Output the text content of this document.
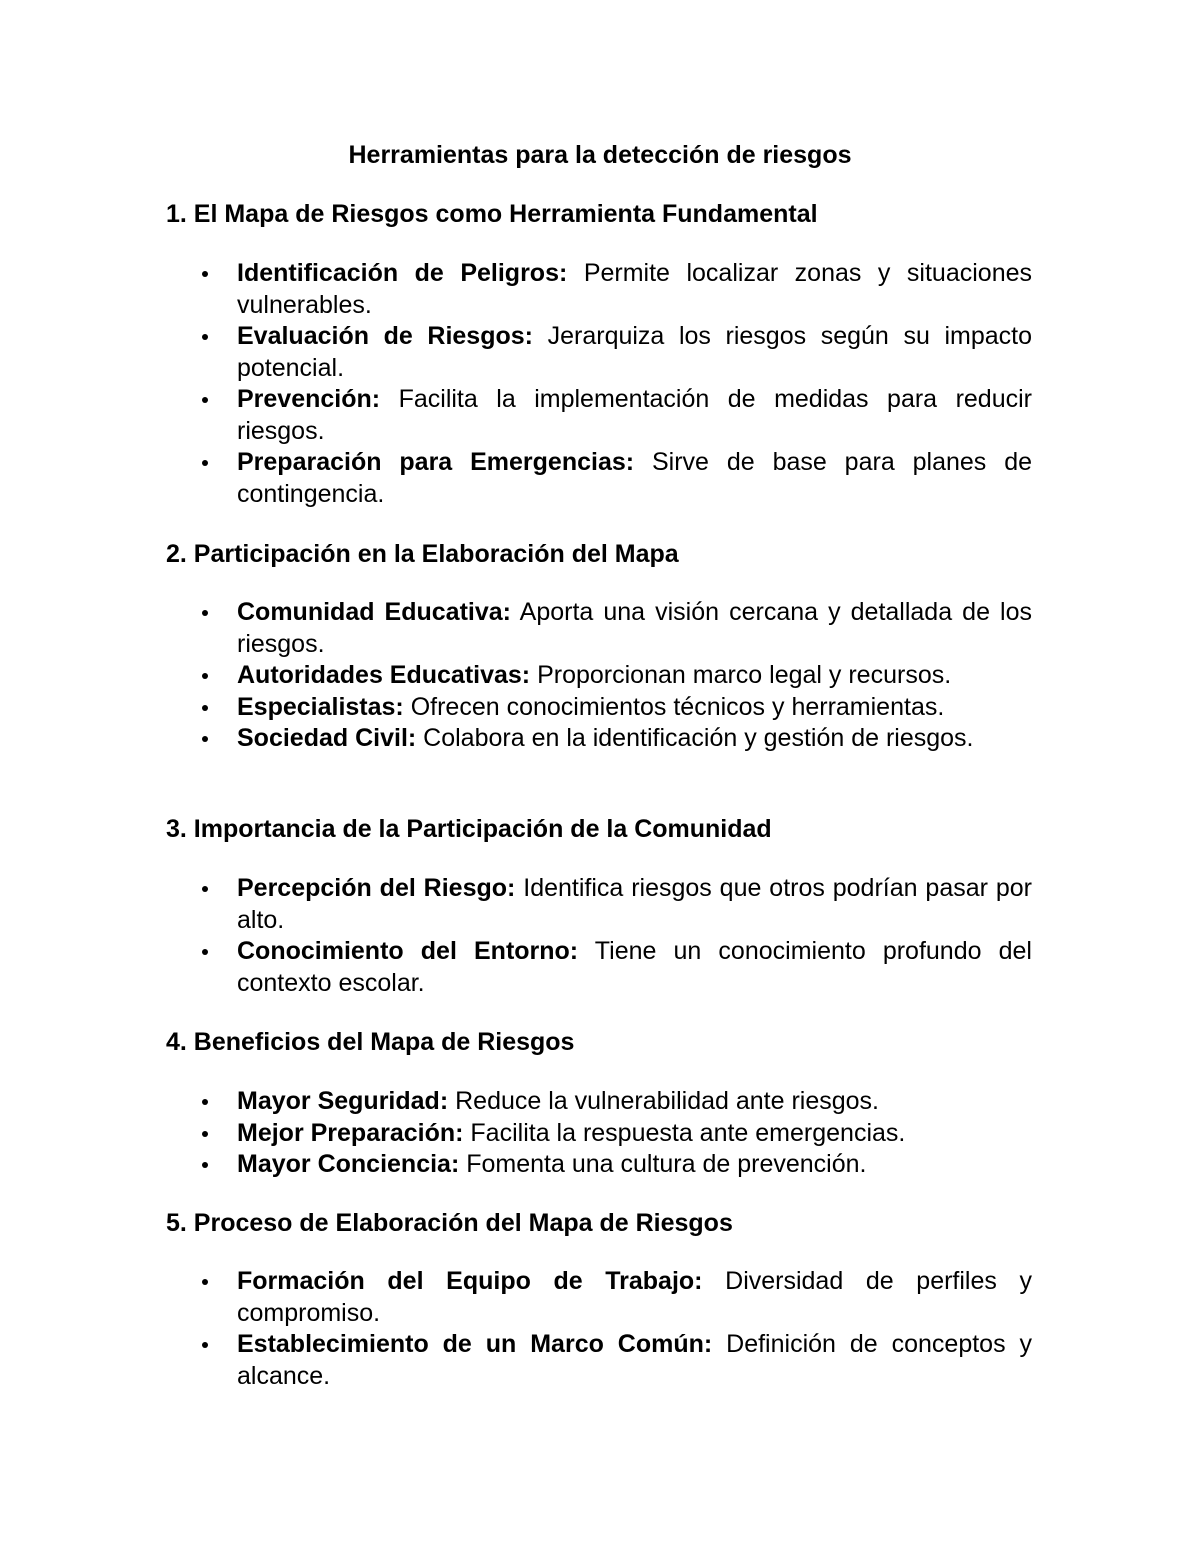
Herramientas para la detección de riesgos
1. El Mapa de Riesgos como Herramienta Fundamental
Identificación de Peligros: Permite localizar zonas y situaciones vulnerables.
Evaluación de Riesgos: Jerarquiza los riesgos según su impacto potencial.
Prevención: Facilita la implementación de medidas para reducir riesgos.
Preparación para Emergencias: Sirve de base para planes de contingencia.
2. Participación en la Elaboración del Mapa
Comunidad Educativa: Aporta una visión cercana y detallada de los riesgos.
Autoridades Educativas: Proporcionan marco legal y recursos.
Especialistas: Ofrecen conocimientos técnicos y herramientas.
Sociedad Civil: Colabora en la identificación y gestión de riesgos.
3. Importancia de la Participación de la Comunidad
Percepción del Riesgo: Identifica riesgos que otros podrían pasar por alto.
Conocimiento del Entorno: Tiene un conocimiento profundo del contexto escolar.
4. Beneficios del Mapa de Riesgos
Mayor Seguridad: Reduce la vulnerabilidad ante riesgos.
Mejor Preparación: Facilita la respuesta ante emergencias.
Mayor Conciencia: Fomenta una cultura de prevención.
5. Proceso de Elaboración del Mapa de Riesgos
Formación del Equipo de Trabajo: Diversidad de perfiles y compromiso.
Establecimiento de un Marco Común: Definición de conceptos y alcance.
